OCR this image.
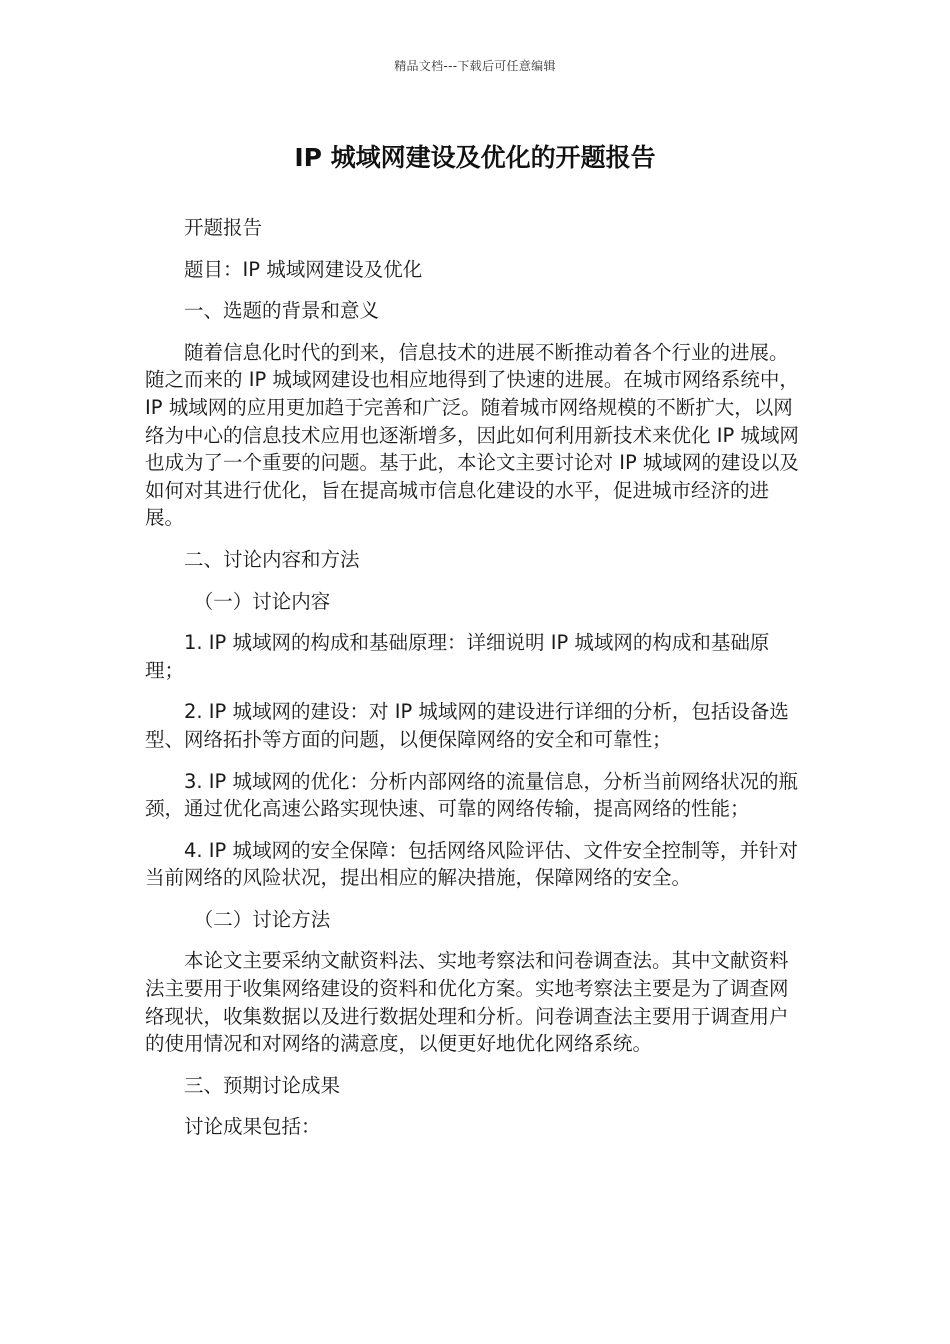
精品文档---下载后可任意编辑
IP 城域网建设及优化的开题报告

开题报告

题目：IP 城域网建设及优化

一、选题的背景和意义

随着信息化时代的到来，信息技术的进展不断推动着各个行业的进展。随之而来的 IP 城域网建设也相应地得到了快速的进展。在城市网络系统中，IP 城域网的应用更加趋于完善和广泛。随着城市网络规模的不断扩大，以网络为中心的信息技术应用也逐渐增多，因此如何利用新技术来优化 IP 城域网也成为了一个重要的问题。基于此，本论文主要讨论对 IP 城域网的建设以及如何对其进行优化，旨在提高城市信息化建设的水平，促进城市经济的进展。

二、讨论内容和方法

（一）讨论内容

1. IP 城域网的构成和基础原理：详细说明 IP 城域网的构成和基础原理；

2. IP 城域网的建设：对 IP 城域网的建设进行详细的分析，包括设备选型、网络拓扑等方面的问题，以便保障网络的安全和可靠性；

3. IP 城域网的优化：分析内部网络的流量信息，分析当前网络状况的瓶颈，通过优化高速公路实现快速、可靠的网络传输，提高网络的性能；

4. IP 城域网的安全保障：包括网络风险评估、文件安全控制等，并针对当前网络的风险状况，提出相应的解决措施，保障网络的安全。

（二）讨论方法

本论文主要采纳文献资料法、实地考察法和问卷调查法。其中文献资料法主要用于收集网络建设的资料和优化方案。实地考察法主要是为了调查网络现状，收集数据以及进行数据处理和分析。问卷调查法主要用于调查用户的使用情况和对网络的满意度，以便更好地优化网络系统。

三、预期讨论成果

讨论成果包括：
